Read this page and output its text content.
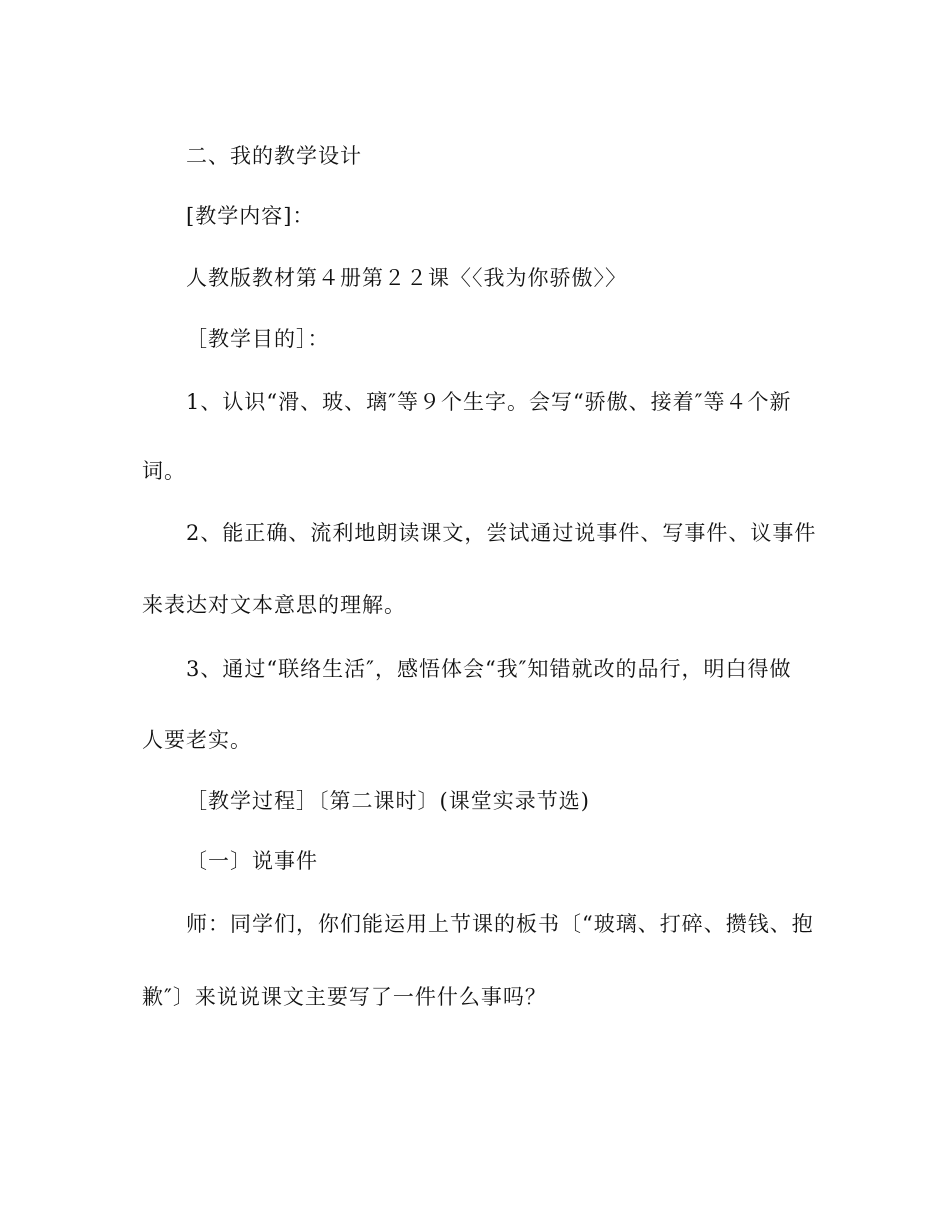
二、我的教学设计
[教学内容]：
人教版教材第４册第２２课〈〈我为你骄傲〉〉
［教学目的］：
1、认识“滑、玻、璃″等９个生字。会写“骄傲、接着″等４个新
词。
2、能正确、流利地朗读课文，尝试通过说事件、写事件、议事件
来表达对文本意思的理解。
3、通过“联络生活″，感悟体会“我″知错就改的品行，明白得做
人要老实。
［教学过程］〔第二课时〕(课堂实录节选)
〔一〕说事件
师：同学们，你们能运用上节课的板书〔“玻璃、打碎、攒钱、抱
歉″〕来说说课文主要写了一件什么事吗？
